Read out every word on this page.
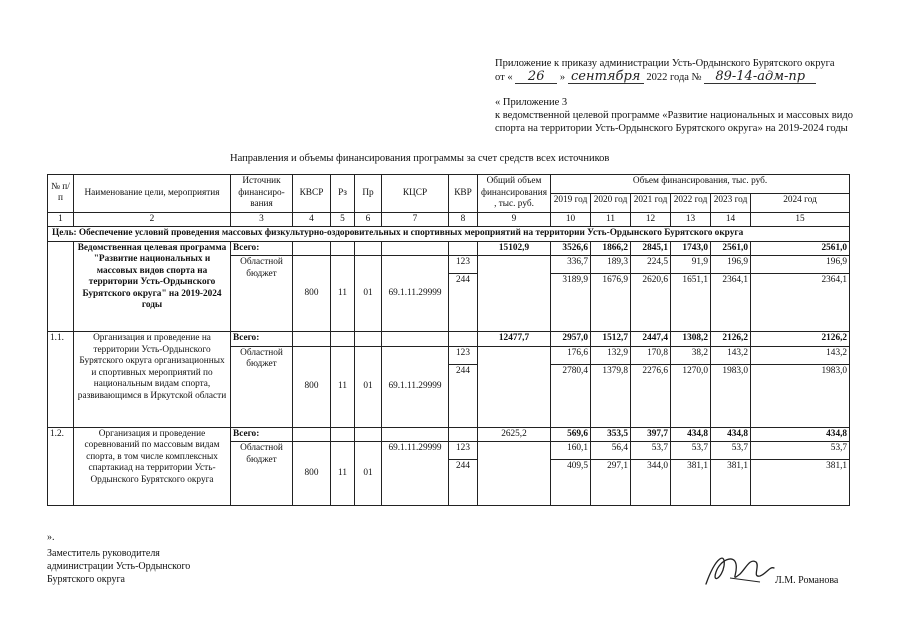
Приложение к приказу администрации Усть-Ордынского Бурятского округа
от « 26 » сентября 2022 года № 89-14-адм-пр
« Приложение 3
к ведомственной целевой программе «Развитие национальных и массовых видо
спорта на территории Усть-Ордынского Бурятского округа» на 2019-2024 годы
Направления и объемы финансирования программы за счет средств всех источников
№ п/п	Наименование цели, мероприятия	Источник финансиро-вания	КВСР	Рз	Пр	КЦСР	КВР	Общий объем финансирования , тыс. руб.	Объем финансирования, тыс. руб.					
									2019 год	2020 год	2021 год	2022 год	2023 год	2024 год
1	2	3	4	5	6	7	8	9	10	11	12	13	14	15
Цель: Обеспечение условий проведения массовых физкультурно-оздоровительных и спортивных мероприятий на территории Усть-Ордынского Бурятского округа														
	Ведомственная целевая программа "Развитие национальных и массовых видов спорта на территории Усть-Ордынского Бурятского округа" на 2019-2024 годы	Всего:						15102,9	3526,6	1866,2	2845,1	1743,0	2561,0	2561,0
		Областной бюджет	800	11	01	69.1.11.29999	123		336,7	189,3	224,5	91,9	196,9	196,9
							244		3189,9	1676,9	2620,6	1651,1	2364,1	2364,1
1.1.	Организация и проведение на территории Усть-Ордынского Бурятского округа организационных и спортивных мероприятий по национальным видам спорта, развивающимся в Иркутской области	Всего:						12477,7	2957,0	1512,7	2447,4	1308,2	2126,2	2126,2
		Областной бюджет	800	11	01	69.1.11.29999	123		176,6	132,9	170,8	38,2	143,2	143,2
							244		2780,4	1379,8	2276,6	1270,0	1983,0	1983,0
1.2.	Организация и проведение соревнований по массовым видам спорта, в том числе комплексных спартакиад на территории Усть-Ордынского Бурятского округа	Всего:						2625,2	569,6	353,5	397,7	434,8	434,8	434,8
		Областной бюджет	800	11	01	69.1.11.29999	123		160,1	56,4	53,7	53,7	53,7	53,7
							244		409,5	297,1	344,0	381,1	381,1	381,1
».
Заместитель руководителя
администрации Усть-Ордынского
Бурятского округа	Л.М. Романова
